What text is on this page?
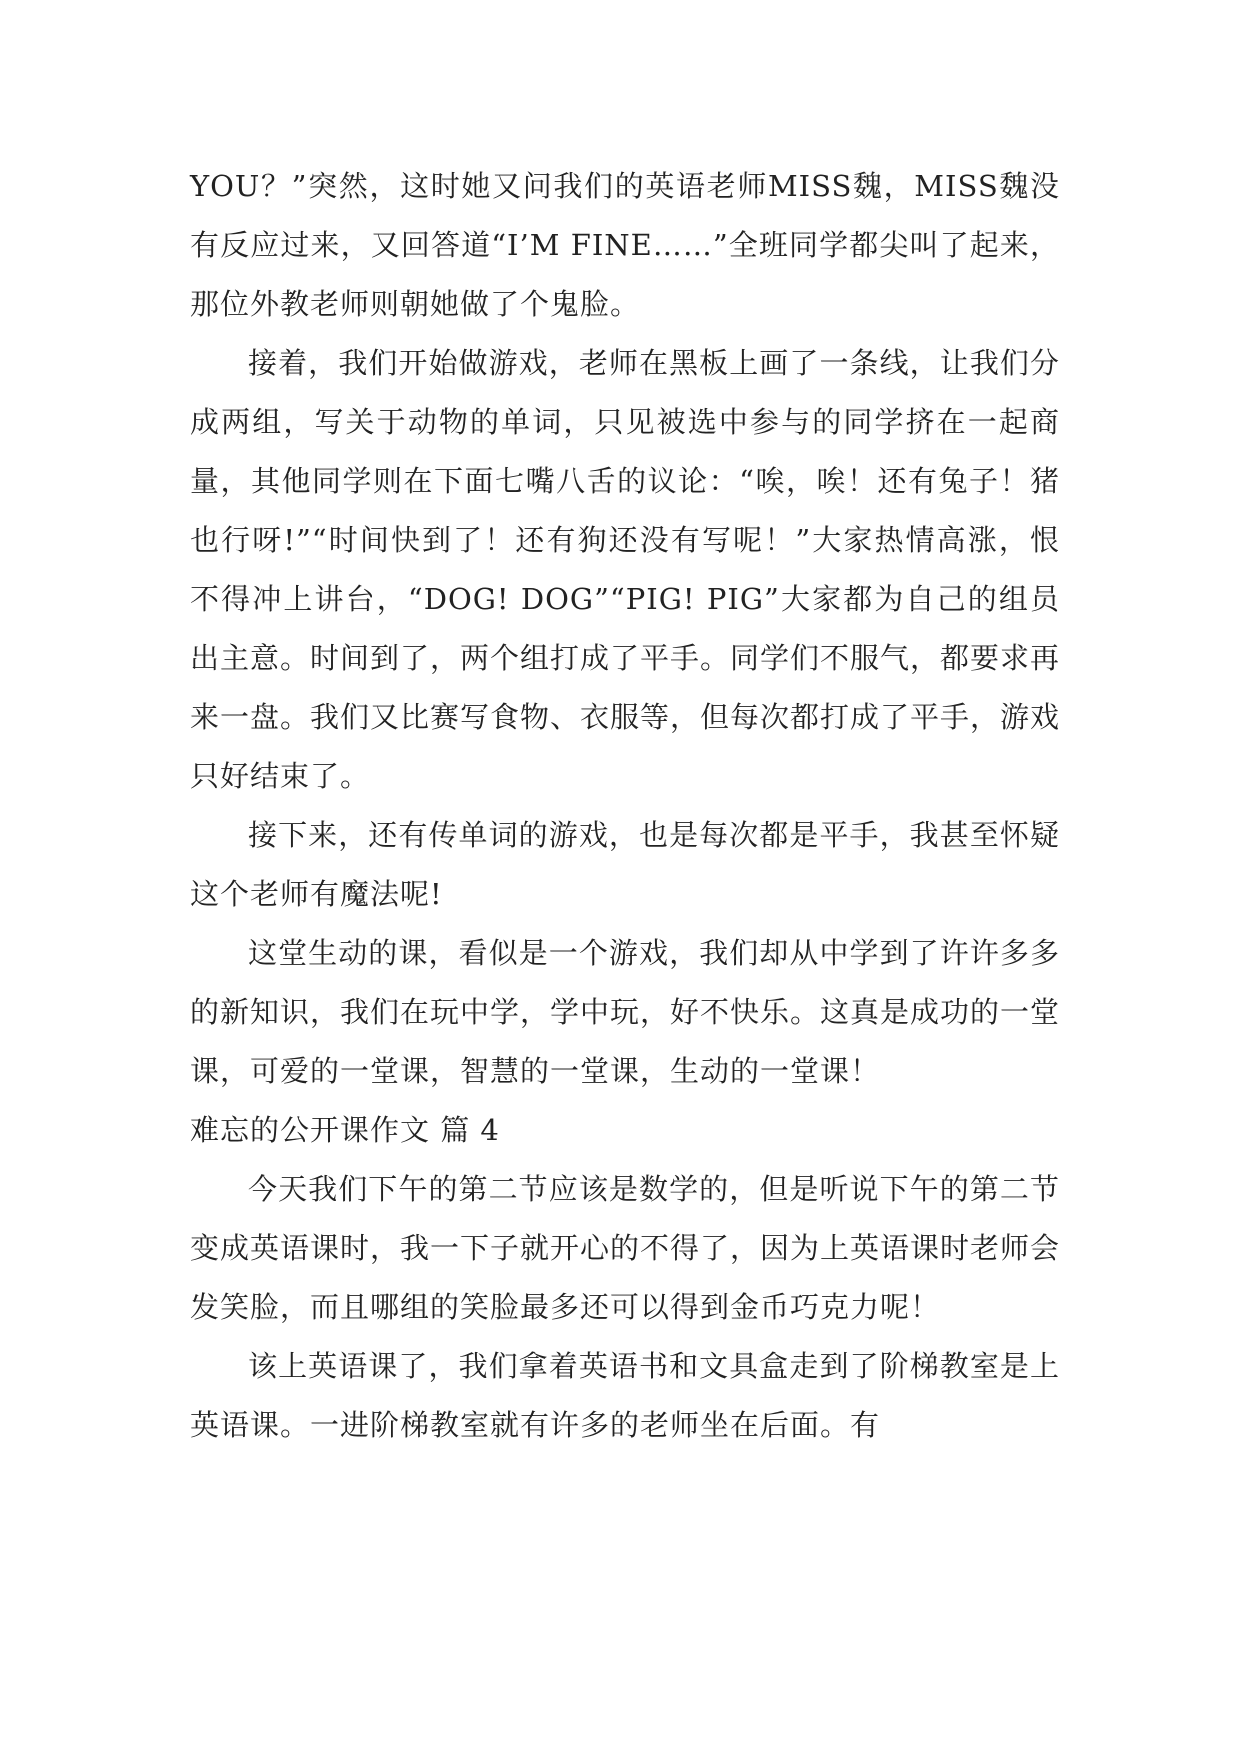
YOU？”突然，这时她又问我们的英语老师MISS魏，MISS魏没有反应过来，又回答道“I’M FINE……”全班同学都尖叫了起来，那位外教老师则朝她做了个鬼脸。

接着，我们开始做游戏，老师在黑板上画了一条线，让我们分成两组，写关于动物的单词，只见被选中参与的同学挤在一起商量，其他同学则在下面七嘴八舌的议论：“唉，唉！还有兔子！猪也行呀!”“时间快到了！还有狗还没有写呢！”大家热情高涨，恨不得冲上讲台，“DOG! DOG”“PIG! PIG”大家都为自己的组员出主意。时间到了，两个组打成了平手。同学们不服气，都要求再来一盘。我们又比赛写食物、衣服等，但每次都打成了平手，游戏只好结束了。

接下来，还有传单词的游戏，也是每次都是平手，我甚至怀疑这个老师有魔法呢!

这堂生动的课，看似是一个游戏，我们却从中学到了许许多多的新知识，我们在玩中学，学中玩，好不快乐。这真是成功的一堂课，可爱的一堂课，智慧的一堂课，生动的一堂课！

难忘的公开课作文 篇 4

今天我们下午的第二节应该是数学的，但是听说下午的第二节变成英语课时，我一下子就开心的不得了，因为上英语课时老师会发笑脸，而且哪组的笑脸最多还可以得到金币巧克力呢！

该上英语课了，我们拿着英语书和文具盒走到了阶梯教室是上英语课。一进阶梯教室就有许多的老师坐在后面。有
